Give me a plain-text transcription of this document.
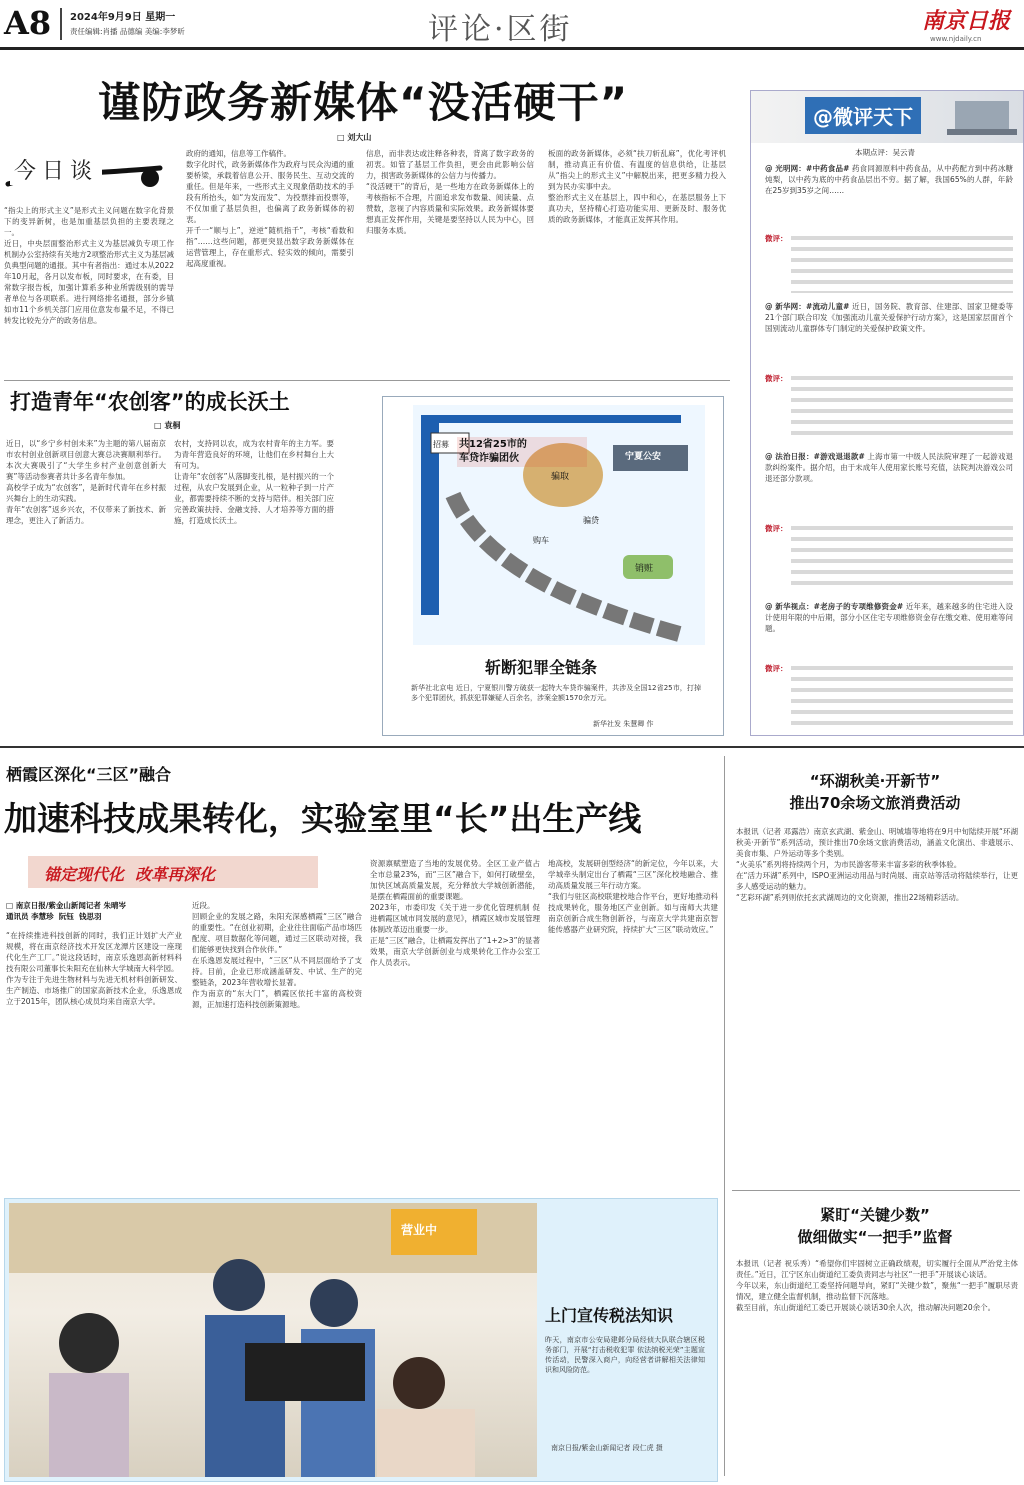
A8 2024年9月9日 星期一
责任编辑:肖播 品德编 美编:李梦昕	评论·区街	南京日报
www.njdaily.cn
谨防政务新媒体“没活硬干”
□ 刘大山
今日谈
“指尖上的形式主义”是形式主义问题在数字化背景下的变异新树，也是加重基层负担的主要表现之一。
近日，中央层面整治形式主义为基层减负专项工作机制办公室持续有关地方2项整治形式主义为基层减负典型问题的通报。其中有者指出：通过本从2022年10月起，各月以发布板，同时要求，在有委，目常数字报告板，加强计算系多种业所需级别的需导者单位与各项联系。进行网络排名通报，部分乡镇如市11个乡机关部门应用位意发布量不足，不得已转发比较先分产的政务信息。
政府的通知，信息等工作稿件。
数字化时代，政务新媒体作为政府与民众沟通的重要桥梁，承载着信息公开、服务民生、互动交流的重任。但是年来，一些形式主义现象借助技术的手段有所抬头，如“为发而发”、为投票排而投票等，不仅加重了基层负担，也偏离了政务新媒体的初衷。
开千一“顺与上”，逆逆“随机指千”，考核“看数和指”……这些问题，都更突显出数字政务新媒体在运营管理上，存在重形式、轻实效的倾向，需要引起高度重视。
信息，而非表达或注释各种表，背离了数字政务的初衷。如管了基层工作负担，更会由此影响公信力，损害政务新媒体的公信力与传播力。
“没活硬干”的背后，是一些地方在政务新媒体上的考核指标不合理，片面追求发布数量、阅读量、点赞数，忽视了内容质量和实际效果。政务新媒体要想真正发挥作用，关键是要坚持以人民为中心，回归服务本质。
板面的政务新媒体，必须“扶刀斩乱麻”，优化考评机制，推动真正有价值、有温度的信息供给，让基层从“指尖上的形式主义”中解脱出来，把更多精力投入到为民办实事中去。
整治形式主义在基层上，四中和心，在基层服务上下真功夫，坚持精心打造功能实用、更新及时、服务优质的政务新媒体，才能真正发挥其作用。
打造青年“农创客”的成长沃土
□ 袁桐
近日，以“乡宁乡村创未来”为主题的第八届南京市农村创业创新项目创意大赛总决赛顺利举行。本次大赛吸引了“大学生乡村产业创意创新大赛”等活动参赛者共计多名青年参加。
高校学子成为“农创客”，是新时代青年在乡村振兴舞台上的生动实践。
青年“农创客”返乡兴农，不仅带来了新技术、新理念，更注入了新活力。
农村，支持同以农，成为农村青年的主力军。要为青年营造良好的环境，让他们在乡村舞台上大有可为。
让青年“农创客”从落脚变扎根，是村振兴的一个过程，从农户发展到企业，从一粒种子到一片产业，都需要持续不断的支持与陪伴。相关部门应完善政策扶持、金融支持、人才培养等方面的措施，打造成长沃土。
共12省25市的
车贷诈骗团伙	宁夏公安
骗取
销赃
招募
购车
骗贷
斩断犯罪全链条
新华社北京电 近日，宁夏银川警方破获一起特大车贷诈骗案件，共涉及全国12省25市，打掉多个犯罪团伙，抓获犯罪嫌疑人百余名，涉案金额1570余万元。
新华社发 朱慧卿 作
@微评天下
本期点评：吴云青
@ 光明网：#中药食品# 药食同源原料中药食品，从中药配方到中药冰糖炖梨，以中药为底的中药食品层出不穷。据了解，我国65%的人群，年龄在25岁到35岁之间……
微评：
@ 新华网：#流动儿童# 近日，国务院、教育部、住建部、国家卫健委等21个部门联合印发《加强流动儿童关爱保护行动方案》，这是国家层面首个国别流动儿童群体专门制定的关爱保护政策文件。
微评：
@ 法治日报：#游戏退退款# 上海市第一中级人民法院审理了一起游戏退款纠纷案件。据介绍，由于未成年人使用家长账号充值，法院判决游戏公司退还部分款项。
微评：
@ 新华视点：#老房子的专项维修资金# 近年来，越来越多的住宅进入设计使用年限的中后期，部分小区住宅专项维修资金存在缴交难、使用难等问题。
微评：
栖霞区深化“三区”融合
加速科技成果转化，实验室里“长”出生产线
锚定现代化  改革再深化
□ 南京日报/紫金山新闻记者 朱晴岑
通讯员 李慧珍  阮钰  钱思羽
“在持续推进科技创新的同时，我们正计划扩大产业规模，将在南京经济技术开发区龙潭片区建设一座现代化生产工厂。”说这段话时，南京乐逸恩高新材料科技有限公司董事长朱阳充在仙林大学城南大科学园。
作为专注于先进生物材料与先进无机材料创新研发、生产制造、市场推广的国家高新技术企业，乐逸恩成立于2015年，团队核心成员均来自南京大学。
近段。
回顾企业的发展之路，朱阳充深感栖霞“三区”融合的重要性。“在创业初期，企业往往面临产品市场匹配度、项目数据化等问题，通过三区联动对接，我们能够更快找到合作伙伴。”
在乐逸恩发展过程中，“三区”从不同层面给予了支持。目前，企业已形成涵盖研发、中试、生产的完整链条，2023年营收增长显著。
作为南京的“东大门”，栖霞区依托丰富的高校资源，正加速打造科技创新策源地。
资源禀赋塑造了当地的发展优势。全区工业产值占全市总量23%，而“三区”融合下，如何打破壁垒，加快区域高质量发展，充分释放大学城创新潜能，是摆在栖霞面前的重要课题。
2023年，市委印发《关于进一步优化管理机制 促进栖霞区城市同发展的意见》，栖霞区城市发展管理体制改革迈出重要一步。
正是“三区”融合，让栖霞发挥出了“1+2>3”的显著效果，南京大学创新创业与成果转化工作办公室工作人员表示。
地高校，发展研创型经济“的新定位，今年以来，大学城牵头制定出台了栖霞“三区”深化校地融合、推动高质量发展三年行动方案。
“我们与驻区高校联建校地合作平台，更好地推动科技成果转化，服务地区产业创新。如与南师大共建南京创新合成生物创新谷，与南京大学共建南京智能传感器产业研究院，持续扩大“三区”联动效应。”
营业中
上门宣传税法知识
昨天，南京市公安局建邺分局经侦大队联合辖区税务部门，开展“打击税收犯罪 依法纳税光荣”主题宣传活动，民警深入商户，向经营者讲解相关法律知识和风险防范。
南京日报/紫金山新闻记者 段仁虎 摄
“环湖秋美·开新节”
推出70余场文旅消费活动
本报讯（记者 邓露浩）南京玄武湖、紫金山、明城墙等地将在9月中旬陆续开展“环湖秋美·开新节”系列活动，预计推出70余场文旅消费活动，涵盖文化演出、非遗展示、美食市集、户外运动等多个类别。
“火美乐”系列将持续两个月，为市民游客带来丰富多彩的秋季体验。
在“活力环湖”系列中，ISPO亚洲运动用品与时尚展、南京站等活动将陆续举行，让更多人感受运动的魅力。
“艺彩环湖”系列则依托玄武湖周边的文化资源，推出22场精彩活动。
紧盯“关键少数”
做细做实“一把手”监督
本报讯（记者 祝乐秀）“希望你们牢固树立正确政绩观，切实履行全面从严治党主体责任。”近日，江宁区东山街道纪工委负责同志与社区“一把手”开展谈心谈话。
今年以来，东山街道纪工委坚持问题导向，紧盯“关键少数”，聚焦“一把手”履职尽责情况，建立健全监督机制，推动监督下沉落地。
截至目前，东山街道纪工委已开展谈心谈话30余人次，推动解决问题20余个。
